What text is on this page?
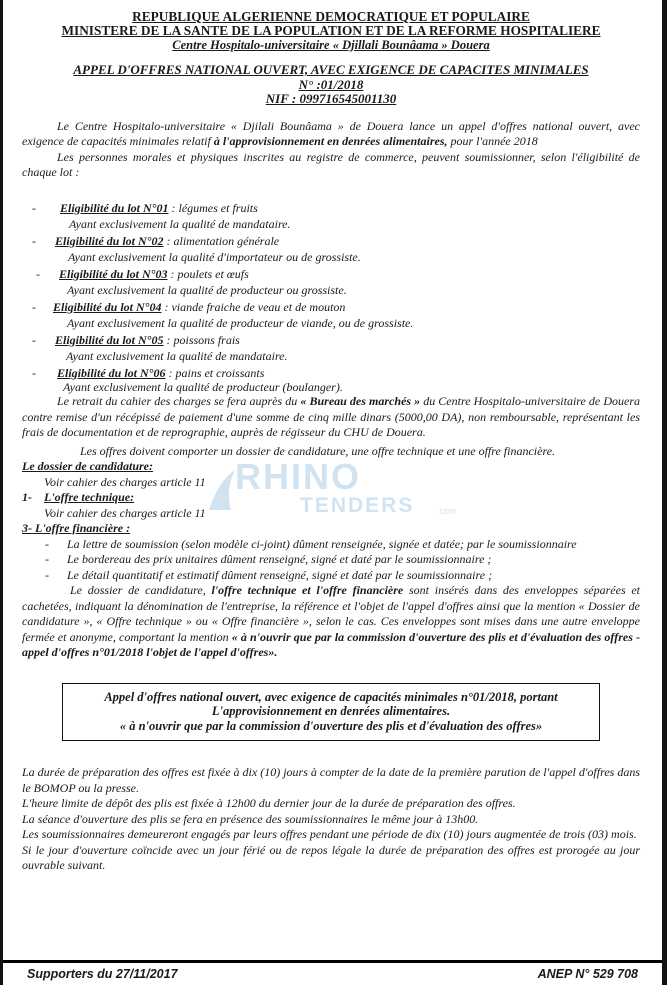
REPUBLIQUE ALGERIENNE DEMOCRATIQUE ET POPULAIRE

MINISTERE DE LA SANTE DE LA POPULATION ET DE LA REFORME HOSPITALIERE

Centre Hospitalo-universitaire « Djillali Bounâama » Douera

APPEL D'OFFRES NATIONAL OUVERT, AVEC EXIGENCE DE CAPACITES MINIMALES

N° :01/2018

NIF : 099716545001130

Le Centre Hospitalo-universitaire « Djilali Bounâama » de Douera lance un appel d'offres national ouvert, avec exigence de capacités minimales relatif à l'approvisionnement en denrées alimentaires, pour l'année 2018

Les personnes morales et physiques inscrites au registre de commerce, peuvent soumissionner, selon l'éligibilité de chaque lot :

- Eligibilité du lot N°01 : légumes et fruits

Ayant exclusivement la qualité de mandataire.

- Eligibilité du lot N°02 : alimentation générale

Ayant exclusivement la qualité d'importateur ou de grossiste.

- Eligibilité du lot N°03 : poulets et œufs

Ayant exclusivement la qualité de producteur ou grossiste.

- Eligibilité du lot N°04 : viande fraiche de veau et de mouton

Ayant exclusivement la qualité de producteur de viande, ou de grossiste.

- Eligibilité du lot N°05 : poissons frais

Ayant exclusivement la qualité de mandataire.

- Eligibilité du lot N°06 : pains et croissants

Ayant exclusivement la qualité de producteur (boulanger).

Le retrait du cahier des charges se fera auprès du « Bureau des marchés » du Centre Hospitalo-universitaire de Douera contre remise d'un récépissé de paiement d'une somme de cinq mille dinars (5000,00 DA), non remboursable, représentant les frais de documentation et de reprographie, auprès de régisseur du CHU de Douera.

Les offres doivent comporter un dossier de candidature, une offre technique et une offre financière.

Le dossier de candidature:

Voir cahier des charges article 11

1- L'offre technique:

Voir cahier des charges article 11

3- L'offre financière :

- La lettre de soumission (selon modèle ci-joint) dûment renseignée, signée et datée; par le soumissionnaire

- Le bordereau des prix unitaires dûment renseigné, signé et daté par le soumissionnaire ;

- Le détail quantitatif et estimatif dûment renseigné, signé et daté par le soumissionnaire ;

Le dossier de candidature, l'offre technique et l'offre financière sont insérés dans des enveloppes séparées et cachetées, indiquant la dénomination de l'entreprise, la référence et l'objet de l'appel d'offres ainsi que la mention « Dossier de candidature », « Offre technique » ou « Offre financière », selon le cas. Ces enveloppes sont mises dans une autre enveloppe fermée et anonyme, comportant la mention « à n'ouvrir que par la commission d'ouverture des plis et d'évaluation des offres - appel d'offres n°01/2018 l'objet de l'appel d'offres».

Appel d'offres national ouvert, avec exigence de capacités minimales n°01/2018, portant

L'approvisionnement en denrées alimentaires.

« à n'ouvrir que par la commission d'ouverture des plis et d'évaluation des offres»

La durée de préparation des offres est fixée à dix (10) jours à compter de la date de la première parution de l'appel d'offres dans le BOMOP ou la presse.

L'heure limite de dépôt des plis est fixée à 12h00 du dernier jour de la durée de préparation des offres.

La séance d'ouverture des plis se fera en présence des soumissionnaires le même jour à 13h00.

Les soumissionnaires demeureront engagés par leurs offres pendant une période de dix (10) jours augmentée de trois (03) mois.

Si le jour d'ouverture coïncide avec un jour férié ou de repos légale la durée de préparation des offres est prorogée au jour ouvrable suivant.

RHINO
TENDERS	.com
Supporters du 27/11/2017	ANEP N° 529 708
